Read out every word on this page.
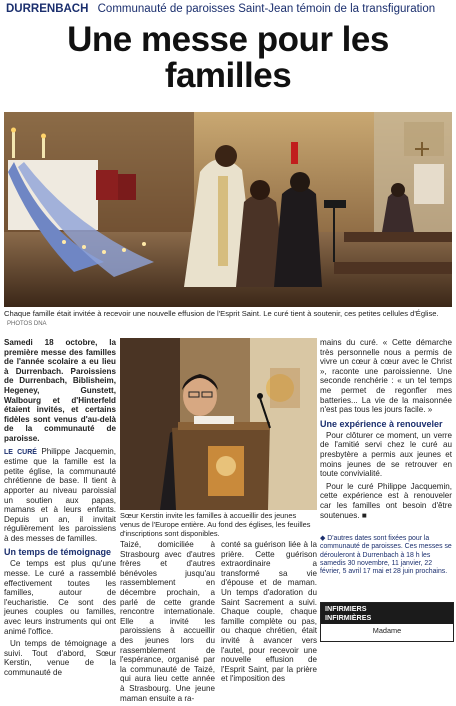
DURRENBACH Communauté de paroisses Saint-Jean témoin de la transfiguration
Une messe pour les familles
Chaque famille était invitée à recevoir une nouvelle effusion de l'Esprit Saint. Le curé tient à soutenir, ces petites cellules d'Église. PHOTOS DNA

Samedi 18 octobre, la première messe des familles de l'année scolaire a eu lieu à Durrenbach. Paroissiens de Durrenbach, Biblisheim, Hegeney, Gunstett, Walbourg et d'Hinterfeld étaient invités, et certains fidèles sont venus d'au-delà de la communauté de paroisse.

LE CURÉ Philippe Jacquemin, estime que la famille est la petite église, la communauté chrétienne de base. Il tient à apporter au niveau paroissial un soutien aux papas, mamans et à leurs enfants. Depuis un an, il invitait régulièrement les paroissiens à des messes de familles.

Un temps de témoignage

Ce temps est plus qu'une messe. Le curé a rassemblé effectivement toutes les familles, autour de l'eucharistie. Ce sont des jeunes couples ou familles, avec leurs instruments qui ont animé l'office.

Un temps de témoignage a suivi. Tout d'abord, Sœur Kerstin, venue de la communauté de

Sœur Kerstin invite les familles à accueillir des jeunes venus de l'Europe entière. Au fond des églises, les feuilles d'inscriptions sont disponibles.

Taizé, domiciliée à Strasbourg avec d'autres frères et d'autres bénévoles jusqu'au rassemblement en décembre prochain, a parlé de cette grande rencontre internationale. Elle a invité les paroissiens à accueillir des jeunes lors du rassemblement de l'espérance, organisé par la communauté de Taizé, qui aura lieu cette année à Strasbourg. Une jeune maman ensuite a ra-

conté sa guérison liée à la prière. Cette guérison extraordinaire a transformé sa vie d'épouse et de maman. Un temps d'adoration du Saint Sacrement a suivi. Chaque couple, chaque famille complète ou pas, ou chaque chrétien, était invité à avancer vers l'autel, pour recevoir une nouvelle effusion de l'Esprit Saint, par la prière et l'imposition des

mains du curé. « Cette démarche très personnelle nous a permis de vivre un cœur à cœur avec le Christ », raconte une paroissienne. Une seconde renchérie : « un tel temps me permet de regonfler mes batteries... La vie de la maisonnée n'est pas tous les jours facile. »

Une expérience à renouveler

Pour clôturer ce moment, un verre de l'amitié servi chez le curé au presbytère a permis aux jeunes et moins jeunes de se retrouver en toute convivialité.

Pour le curé Philippe Jacquemin, cette expérience est à renouveler car les familles ont besoin d'être soutenues. ■

◆ D'autres dates sont fixées pour la communauté de paroisses. Ces messes se dérouleront à Durrenbach à 18 h les samedis 30 novembre, 11 janvier, 22 février, 5 avril 17 mai et 28 juin prochains.
INFIRMIERS
INFIRMIÈRES
Madame
